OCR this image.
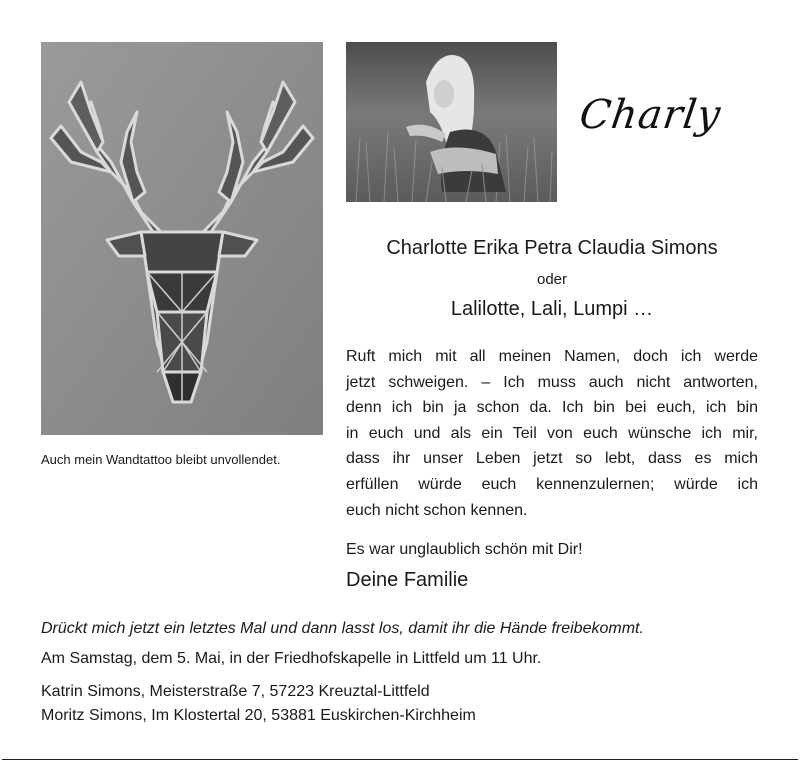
Auch mein Wandtattoo bleibt unvollendet.
Charly
Charlotte Erika Petra Claudia Simons
oder
Lalilotte, Lali, Lumpi …
Ruft mich mit all meinen Namen, doch ich werde
jetzt schweigen. – Ich muss auch nicht antworten,
denn ich bin ja schon da. Ich bin bei euch, ich bin
in euch und als ein Teil von euch wünsche ich mir,
dass ihr unser Leben jetzt so lebt, dass es mich
erfüllen würde euch kennenzulernen; würde ich
euch nicht schon kennen.
Es war unglaublich schön mit Dir!
Deine Familie
Drückt mich jetzt ein letztes Mal und dann lasst los, damit ihr die Hände freibekommt.
Am Samstag, dem 5. Mai, in der Friedhofskapelle in Littfeld um 11 Uhr.
Katrin Simons, Meisterstraße 7, 57223 Kreuztal-Littfeld
Moritz Simons, Im Klostertal 20, 53881 Euskirchen-Kirchheim
